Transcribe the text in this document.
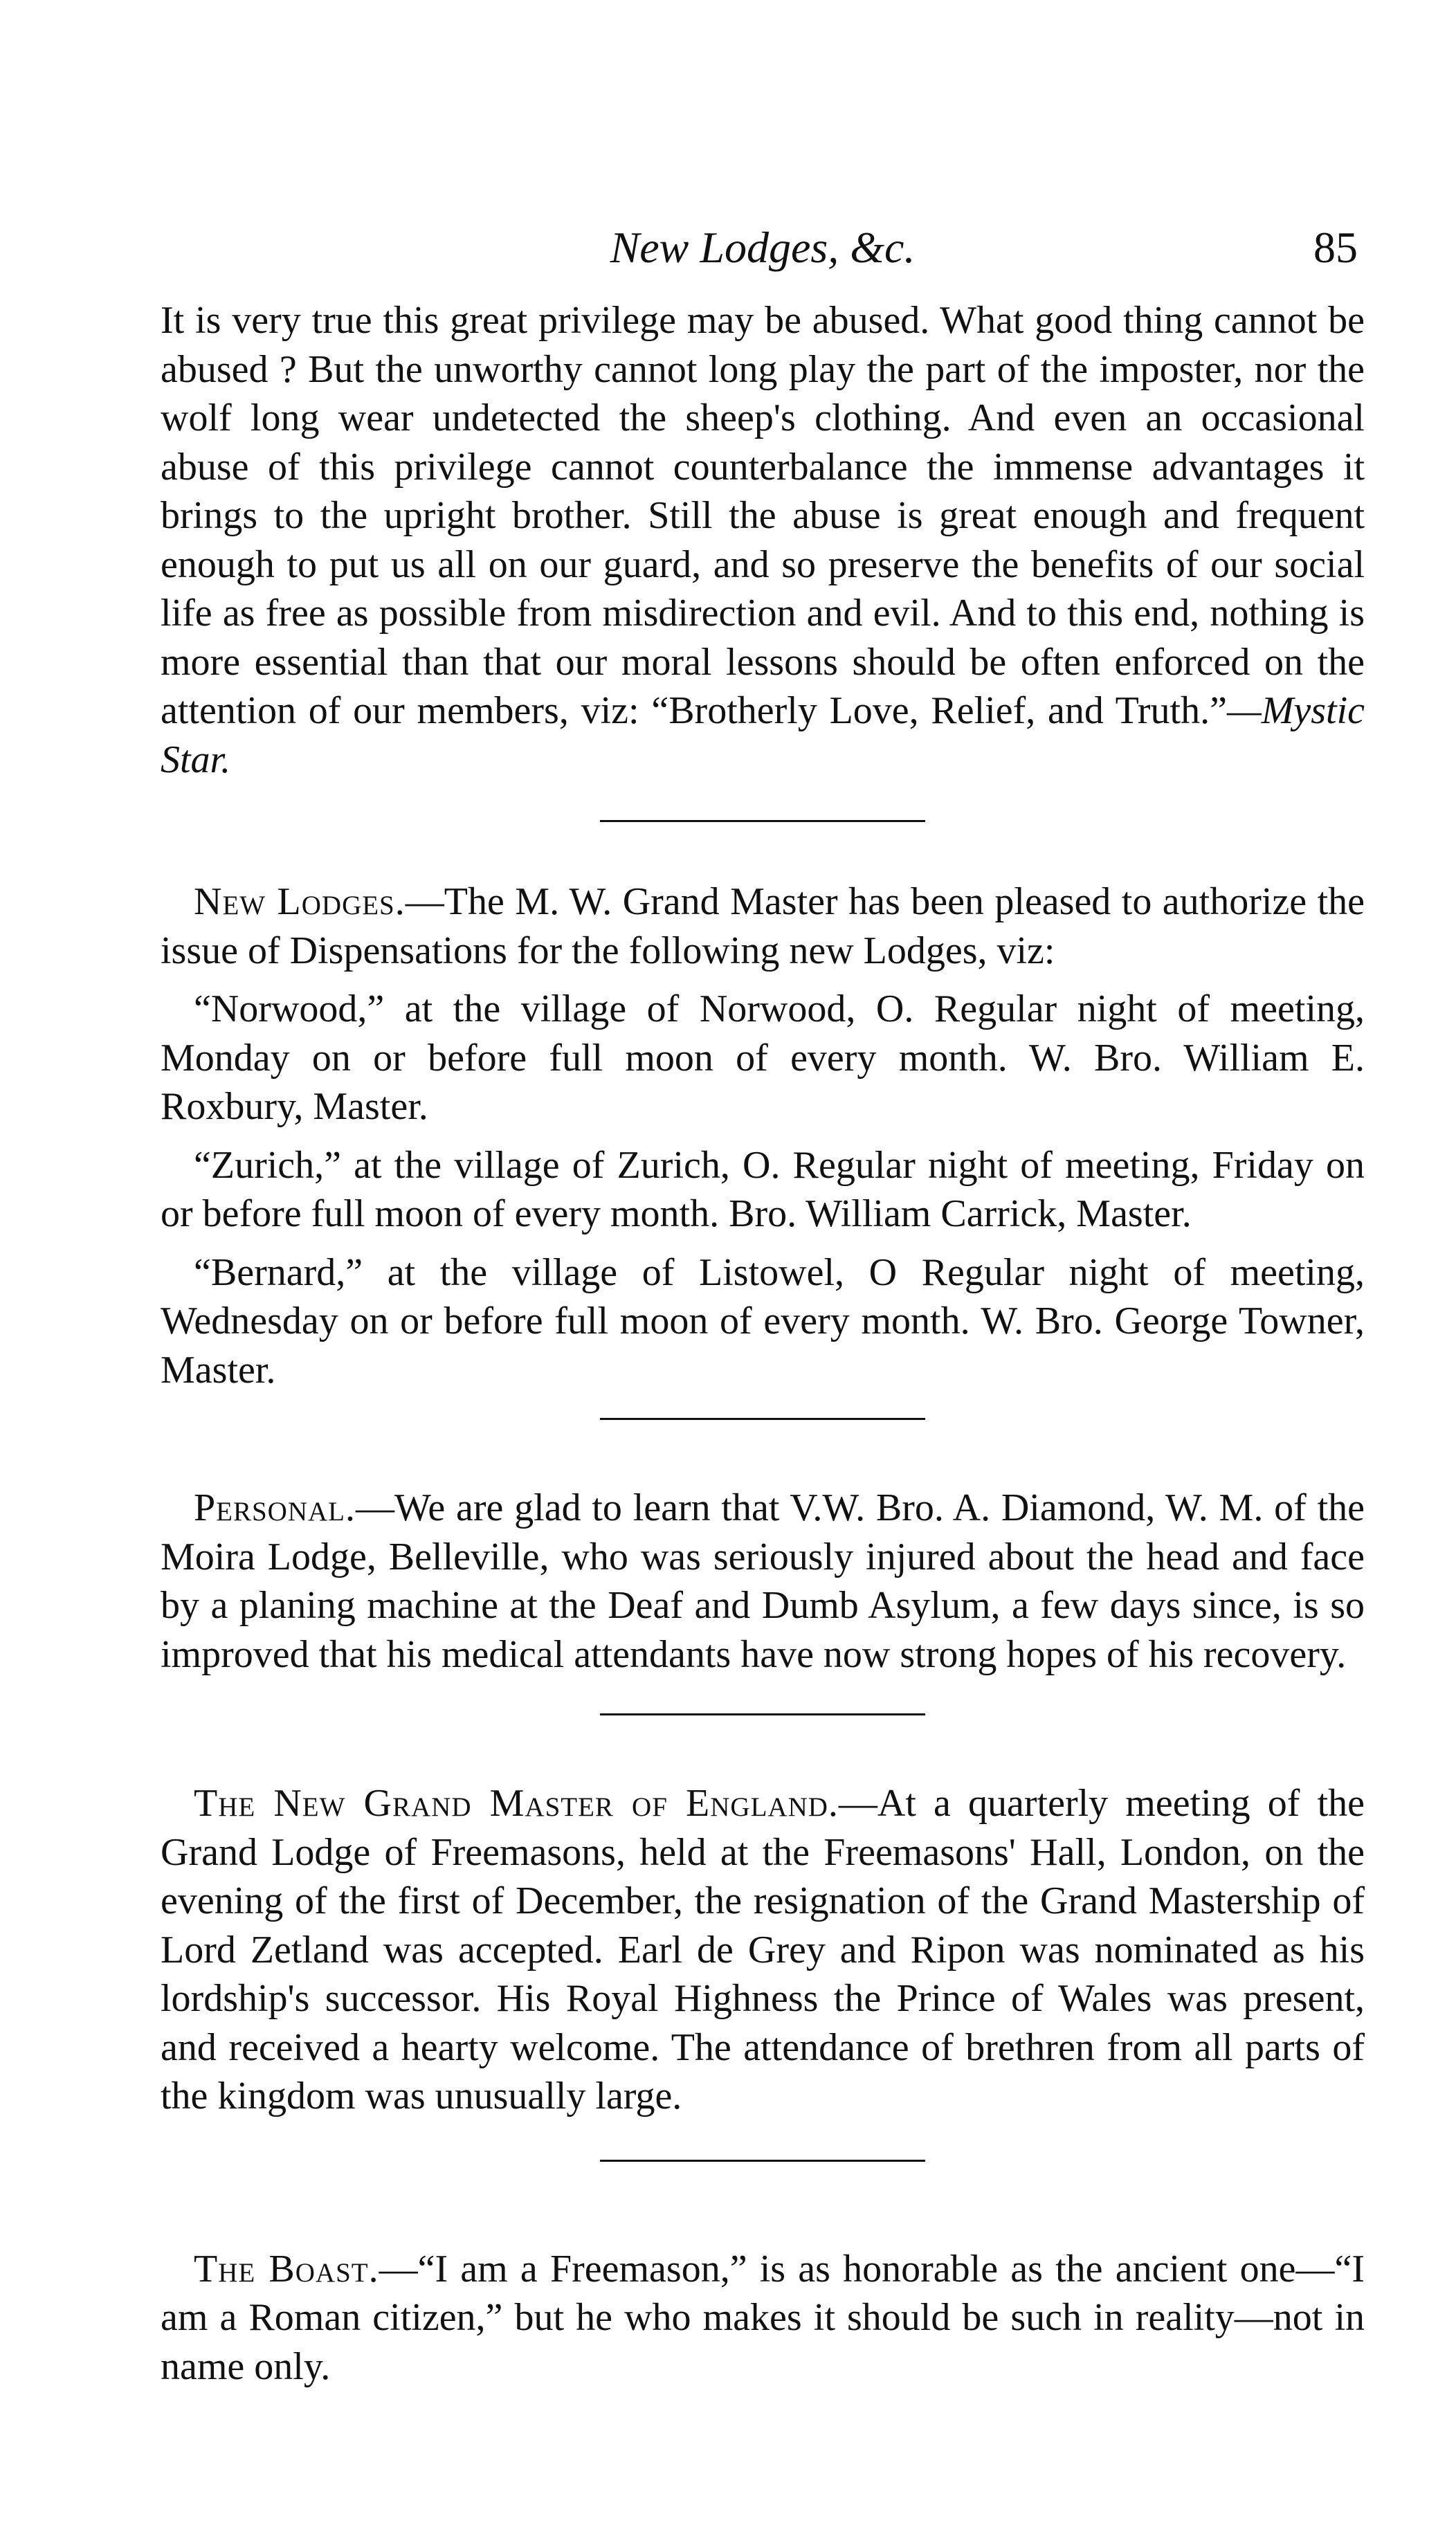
New Lodges, &c.	85

It is very true this great privilege may be abused. What good thing cannot be abused ? But the unworthy cannot long play the part of the imposter, nor the wolf long wear undetected the sheep's clothing. And even an occasional abuse of this privilege cannot counterbalance the immense advantages it brings to the upright brother. Still the abuse is great enough and frequent enough to put us all on our guard, and so preserve the benefits of our social life as free as possible from misdirection and evil. And to this end, nothing is more essential than that our moral lessons should be often enforced on the attention of our members, viz: “Brotherly Love, Relief, and Truth.”—Mystic Star.

New Lodges.—The M. W. Grand Master has been pleased to authorize the issue of Dispensations for the following new Lodges, viz:

“Norwood,” at the village of Norwood, O. Regular night of meeting, Monday on or before full moon of every month. W. Bro. William E. Roxbury, Master.

“Zurich,” at the village of Zurich, O. Regular night of meeting, Friday on or before full moon of every month. Bro. William Carrick, Master.

“Bernard,” at the village of Listowel, O Regular night of meeting, Wednesday on or before full moon of every month. W. Bro. George Towner, Master.

Personal.—We are glad to learn that V.W. Bro. A. Diamond, W. M. of the Moira Lodge, Belleville, who was seriously injured about the head and face by a planing machine at the Deaf and Dumb Asylum, a few days since, is so improved that his medical attendants have now strong hopes of his recovery.

The New Grand Master of England.—At a quarterly meeting of the Grand Lodge of Freemasons, held at the Freemasons' Hall, London, on the evening of the first of December, the resignation of the Grand Mastership of Lord Zetland was accepted. Earl de Grey and Ripon was nominated as his lordship's successor. His Royal Highness the Prince of Wales was present, and received a hearty welcome. The attendance of brethren from all parts of the kingdom was unusually large.

The Boast.—“I am a Freemason,” is as honorable as the ancient one—“I am a Roman citizen,” but he who makes it should be such in reality—not in name only.
